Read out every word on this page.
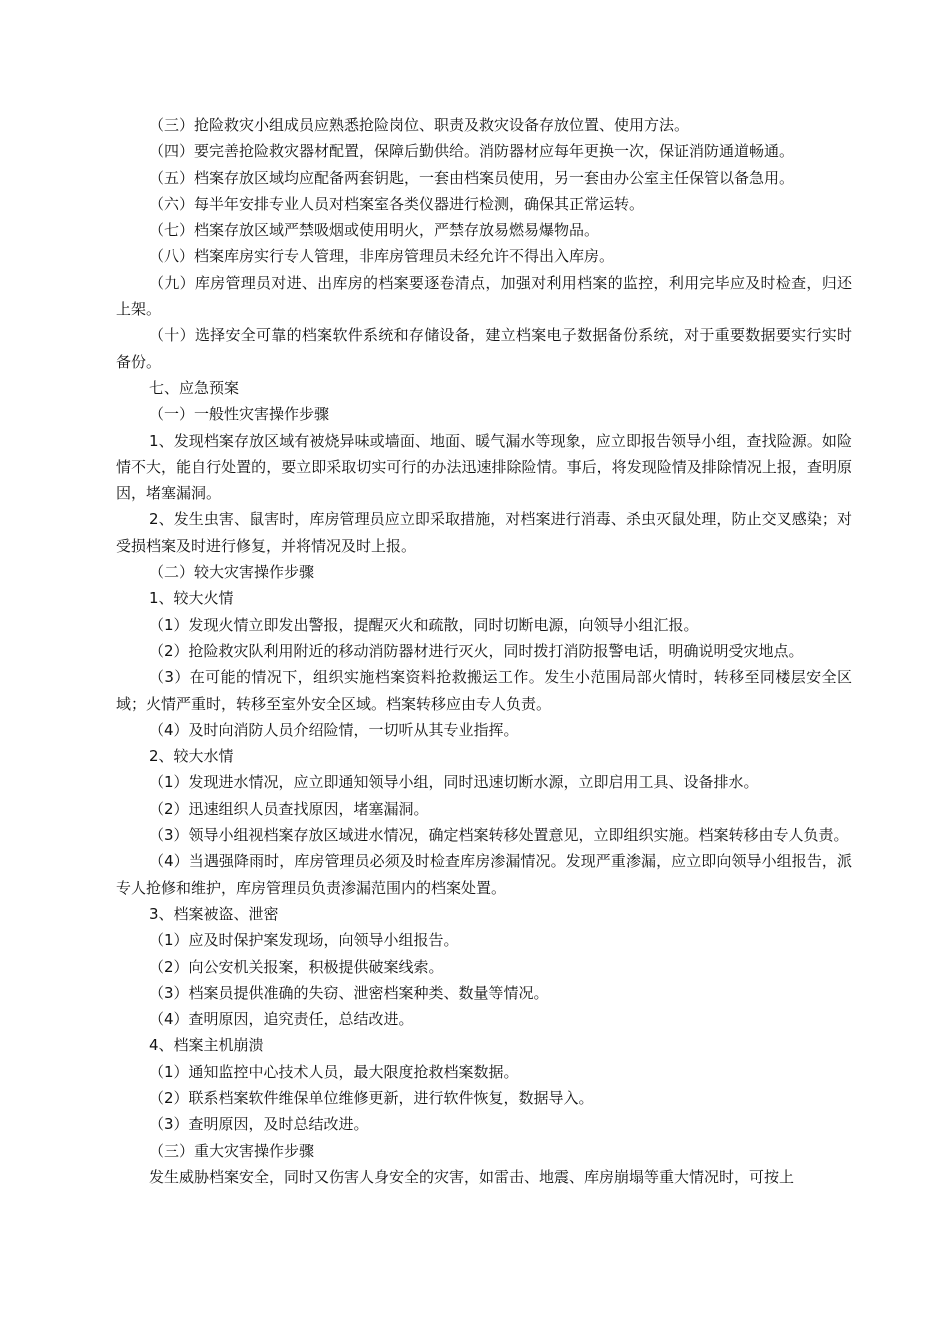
（三）抢险救灾小组成员应熟悉抢险岗位、职责及救灾设备存放位置、使用方法。

（四）要完善抢险救灾器材配置，保障后勤供给。消防器材应每年更换一次，保证消防通道畅通。

（五）档案存放区域均应配备两套钥匙，一套由档案员使用，另一套由办公室主任保管以备急用。

（六）每半年安排专业人员对档案室各类仪器进行检测，确保其正常运转。

（七）档案存放区域严禁吸烟或使用明火，严禁存放易燃易爆物品。

（八）档案库房实行专人管理，非库房管理员未经允许不得出入库房。

（九）库房管理员对进、出库房的档案要逐卷清点，加强对利用档案的监控，利用完毕应及时检查，归还上架。

（十）选择安全可靠的档案软件系统和存储设备，建立档案电子数据备份系统，对于重要数据要实行实时备份。

七、应急预案

（一）一般性灾害操作步骤

1、发现档案存放区域有被烧异味或墙面、地面、暖气漏水等现象，应立即报告领导小组，查找险源。如险情不大，能自行处置的，要立即采取切实可行的办法迅速排除险情。事后，将发现险情及排除情况上报，查明原因，堵塞漏洞。

2、发生虫害、鼠害时，库房管理员应立即采取措施，对档案进行消毒、杀虫灭鼠处理，防止交叉感染；对受损档案及时进行修复，并将情况及时上报。

（二）较大灾害操作步骤

1、较大火情

（1）发现火情立即发出警报，提醒灭火和疏散，同时切断电源，向领导小组汇报。

（2）抢险救灾队利用附近的移动消防器材进行灭火，同时拨打消防报警电话，明确说明受灾地点。

（3）在可能的情况下，组织实施档案资料抢救搬运工作。发生小范围局部火情时，转移至同楼层安全区域；火情严重时，转移至室外安全区域。档案转移应由专人负责。

（4）及时向消防人员介绍险情，一切听从其专业指挥。

2、较大水情

（1）发现进水情况，应立即通知领导小组，同时迅速切断水源，立即启用工具、设备排水。

（2）迅速组织人员查找原因，堵塞漏洞。

（3）领导小组视档案存放区域进水情况，确定档案转移处置意见，立即组织实施。档案转移由专人负责。

（4）当遇强降雨时，库房管理员必须及时检查库房渗漏情况。发现严重渗漏，应立即向领导小组报告，派专人抢修和维护，库房管理员负责渗漏范围内的档案处置。

3、档案被盗、泄密

（1）应及时保护案发现场，向领导小组报告。

（2）向公安机关报案，积极提供破案线索。

（3）档案员提供准确的失窃、泄密档案种类、数量等情况。

（4）查明原因，追究责任，总结改进。

4、档案主机崩溃

（1）通知监控中心技术人员，最大限度抢救档案数据。

（2）联系档案软件维保单位维修更新，进行软件恢复，数据导入。

（3）查明原因，及时总结改进。

（三）重大灾害操作步骤

发生威胁档案安全，同时又伤害人身安全的灾害，如雷击、地震、库房崩塌等重大情况时，可按上
